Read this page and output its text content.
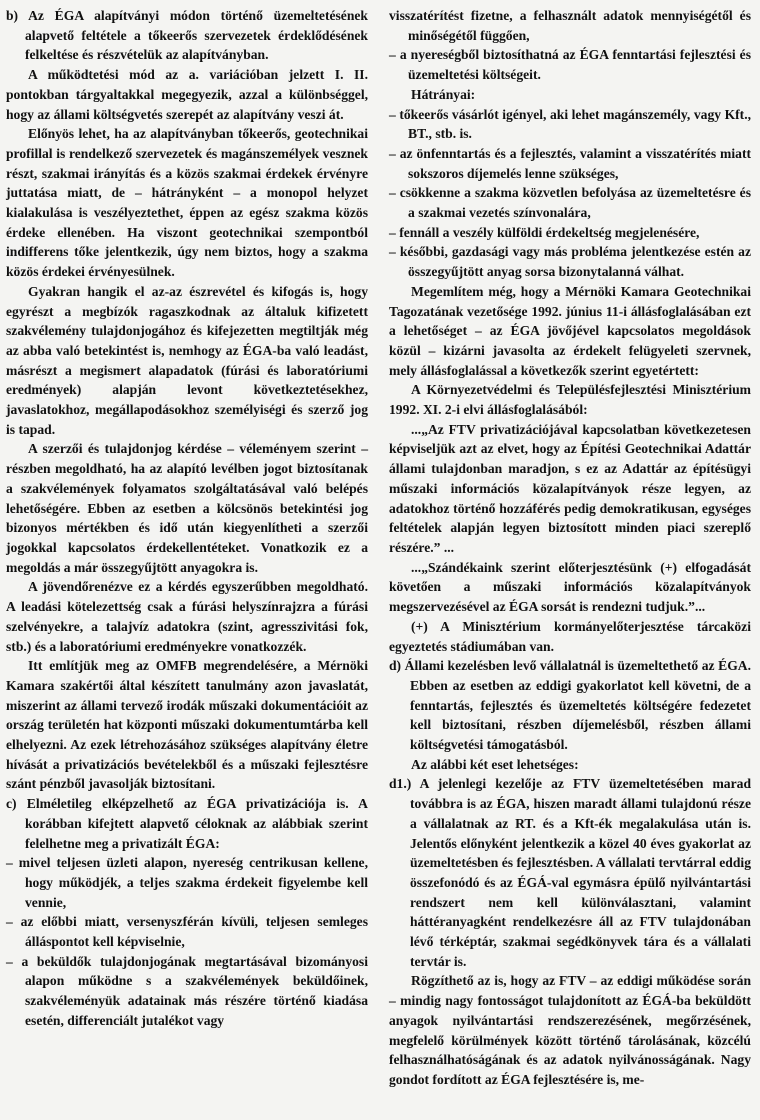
b) Az ÉGA alapítványi módon történő üzemeltetésének alapvető feltétele a tőkeerős szervezetek érdeklődésének felkeltése és részvételük az alapítványban.

A működtetési mód az a. variációban jelzett I. II. pontokban tárgyaltakkal megegyezik, azzal a különbséggel, hogy az állami költségvetés szerepét az alapítvány veszi át.

Előnyös lehet, ha az alapítványban tőkeerős, geotechnikai profillal is rendelkező szervezetek és magánszemélyek vesznek részt, szakmai irányítás és a közös szakmai érdekek érvényre juttatása miatt, de – hátrányként – a monopol helyzet kialakulása is veszélyeztethet, éppen az egész szakma közös érdeke ellenében. Ha viszont geotechnikai szempontból indifferens tőke jelentkezik, úgy nem biztos, hogy a szakma közös érdekei érvényesülnek.

Gyakran hangik el az-az észrevétel és kifogás is, hogy egyrészt a megbízók ragaszkodnak az általuk kifizetett szakvélemény tulajdonjogához és kifejezetten megtiltják még az abba való betekintést is, nemhogy az ÉGA-ba való leadást, másrészt a megismert alapadatok (fúrási és laboratóriumi eredmények) alapján levont következtetésekhez, javaslatokhoz, megállapodásokhoz személyiségi és szerző jog is tapad.

A szerzői és tulajdonjog kérdése – véleményem szerint – részben megoldható, ha az alapító levélben jogot biztosítanak a szakvélemények folyamatos szolgáltatásával való belépés lehetőségére. Ebben az esetben a kölcsönös betekintési jog bizonyos mértékben és idő után kiegyenlítheti a szerzői jogokkal kapcsolatos érdekellentéteket. Vonatkozik ez a megoldás a már összegyűjtött anyagokra is.

A jövendőrenézve ez a kérdés egyszerűbben megoldható. A leadási kötelezettség csak a fúrási helyszínrajzra a fúrási szelvényekre, a talajvíz adatokra (szint, agresszivitási fok, stb.) és a laboratóriumi eredményekre vonatkozzék.

Itt említjük meg az OMFB megrendelésére, a Mérnöki Kamara szakértői által készített tanulmány azon javaslatát, miszerint az állami tervező irodák műszaki dokumentációit az ország területén hat központi műszaki dokumentumtárba kell elhelyezni. Az ezek létrehozásához szükséges alapítvány életre hívását a privatizációs bevételekből és a műszaki fejlesztésre szánt pénzből javasolják biztosítani.

c) Elméletileg elképzelhető az ÉGA privatizációja is. A korábban kifejtett alapvető céloknak az alábbiak szerint felelhetne meg a privatizált ÉGA:

– mivel teljesen üzleti alapon, nyereség centrikusan kellene, hogy működjék, a teljes szakma érdekeit figyelembe kell vennie,

– az előbbi miatt, versenyszférán kívüli, teljesen semleges álláspontot kell képviselnie,

– a beküldők tulajdonjogának megtartásával bizományosi alapon működne s a szakvélemények beküldőinek, szakvéleményük adatainak más részére történő kiadása esetén, differenciált jutalékot vagy

visszatérítést fizetne, a felhasznált adatok mennyiségétől és minőségétől függően,

– a nyereségből biztosíthatná az ÉGA fenntartási fejlesztési és üzemeltetési költségeit.

Hátrányai:

– tőkeerős vásárlót igényel, aki lehet magánszemély, vagy Kft., BT., stb. is.

– az önfenntartás és a fejlesztés, valamint a visszatérítés miatt sokszoros díjemelés lenne szükséges,

– csökkenne a szakma közvetlen befolyása az üzemeltetésre és a szakmai vezetés színvonalára,

– fennáll a veszély külföldi érdekeltség megjelenésére,

– későbbi, gazdasági vagy más probléma jelentkezése estén az összegyűjtött anyag sorsa bizonytalanná válhat.

Megemlítem még, hogy a Mérnöki Kamara Geotechnikai Tagozatának vezetősége 1992. június 11-i állásfoglalásában ezt a lehetőséget – az ÉGA jövőjével kapcsolatos megoldások közül – kizárni javasolta az érdekelt felügyeleti szervnek, mely állásfoglalással a következők szerint egyetértett:

A Környezetvédelmi és Településfejlesztési Minisztérium 1992. XI. 2-i elvi állásfoglalásából:

...„Az FTV privatizációjával kapcsolatban következetesen képviseljük azt az elvet, hogy az Építési Geotechnikai Adattár állami tulajdonban maradjon, s ez az Adattár az építésügyi műszaki információs közalapítványok része legyen, az adatokhoz történő hozzáférés pedig demokratikusan, egységes feltételek alapján legyen biztosított minden piaci szereplő részére.” ...

...„Szándékaink szerint előterjesztésünk (+) elfogadását követően a műszaki információs közalapítványok megszervezésével az ÉGA sorsát is rendezni tudjuk.”...

(+) A Minisztérium kormányelőterjesztése tárcaközi egyeztetés stádiumában van.

d) Állami kezelésben levő vállalatnál is üzemeltethető az ÉGA. Ebben az esetben az eddigi gyakorlatot kell követni, de a fenntartás, fejlesztés és üzemeltetés költségére fedezetet kell biztosítani, részben díjemelésből, részben állami költségvetési támogatásból.

Az alábbi két eset lehetséges:

d1.) A jelenlegi kezelője az FTV üzemeltetésében marad továbbra is az ÉGA, hiszen maradt állami tulajdonú része a vállalatnak az RT. és a Kft-ék megalakulása után is. Jelentős előnyként jelentkezik a közel 40 éves gyakorlat az üzemeltetésben és fejlesztésben. A vállalati tervtárral eddig összefonódó és az ÉGÁ-val egymásra épülő nyilvántartási rendszert nem kell különválasztani, valamint háttéranyagként rendelkezésre áll az FTV tulajdonában lévő térképtár, szakmai segédkönyvek tára és a vállalati tervtár is.

Rögzíthető az is, hogy az FTV – az eddigi működése során – mindig nagy fontosságot tulajdonított az ÉGÁ-ba beküldött anyagok nyilvántartási rendszerezésének, megőrzésének, megfelelő körülmények között történő tárolásának, közcélú felhasználhatóságának és az adatok nyilvánosságának. Nagy gondot fordított az ÉGA fejlesztésére is, me-
